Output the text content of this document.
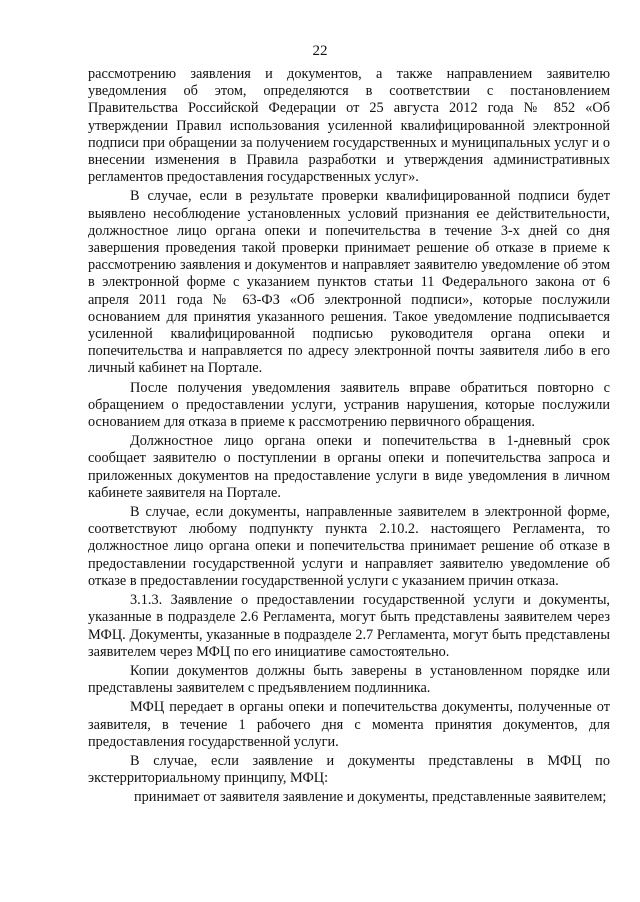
22

рассмотрению заявления и документов, а также направлением заявителю уведомления об этом, определяются в соответствии с постановлением Правительства Российской Федерации от 25 августа 2012 года № 852 «Об утверждении Правил использования усиленной квалифицированной электронной подписи при обращении за получением государственных и муниципальных услуг и о внесении изменения в Правила разработки и утверждения административных регламентов предоставления государственных услуг».

В случае, если в результате проверки квалифицированной подписи будет выявлено несоблюдение установленных условий признания ее действительности, должностное лицо органа опеки и попечительства в течение 3-х дней со дня завершения проведения такой проверки принимает решение об отказе в приеме к рассмотрению заявления и документов и направляет заявителю уведомление об этом в электронной форме с указанием пунктов статьи 11 Федерального закона от 6 апреля 2011 года № 63-ФЗ «Об электронной подписи», которые послужили основанием для принятия указанного решения. Такое уведомление подписывается усиленной квалифицированной подписью руководителя органа опеки и попечительства и направляется по адресу электронной почты заявителя либо в его личный кабинет на Портале.

После получения уведомления заявитель вправе обратиться повторно с обращением о предоставлении услуги, устранив нарушения, которые послужили основанием для отказа в приеме к рассмотрению первичного обращения.

Должностное лицо органа опеки и попечительства в 1-дневный срок сообщает заявителю о поступлении в органы опеки и попечительства запроса и приложенных документов на предоставление услуги в виде уведомления в личном кабинете заявителя на Портале.

В случае, если документы, направленные заявителем в электронной форме, соответствуют любому подпункту пункта 2.10.2. настоящего Регламента, то должностное лицо органа опеки и попечительства принимает решение об отказе в предоставлении государственной услуги и направляет заявителю уведомление об отказе в предоставлении государственной услуги с указанием причин отказа.

3.1.3. Заявление о предоставлении государственной услуги и документы, указанные в подразделе 2.6 Регламента, могут быть представлены заявителем через МФЦ. Документы, указанные в подразделе 2.7 Регламента, могут быть представлены заявителем через МФЦ по его инициативе самостоятельно.

Копии документов должны быть заверены в установленном порядке или представлены заявителем с предъявлением подлинника.

МФЦ передает в органы опеки и попечительства документы, полученные от заявителя, в течение 1 рабочего дня с момента принятия документов, для предоставления государственной услуги.

В случае, если заявление и документы представлены в МФЦ по экстерриториальному принципу, МФЦ:

принимает от заявителя заявление и документы, представленные заявителем;
